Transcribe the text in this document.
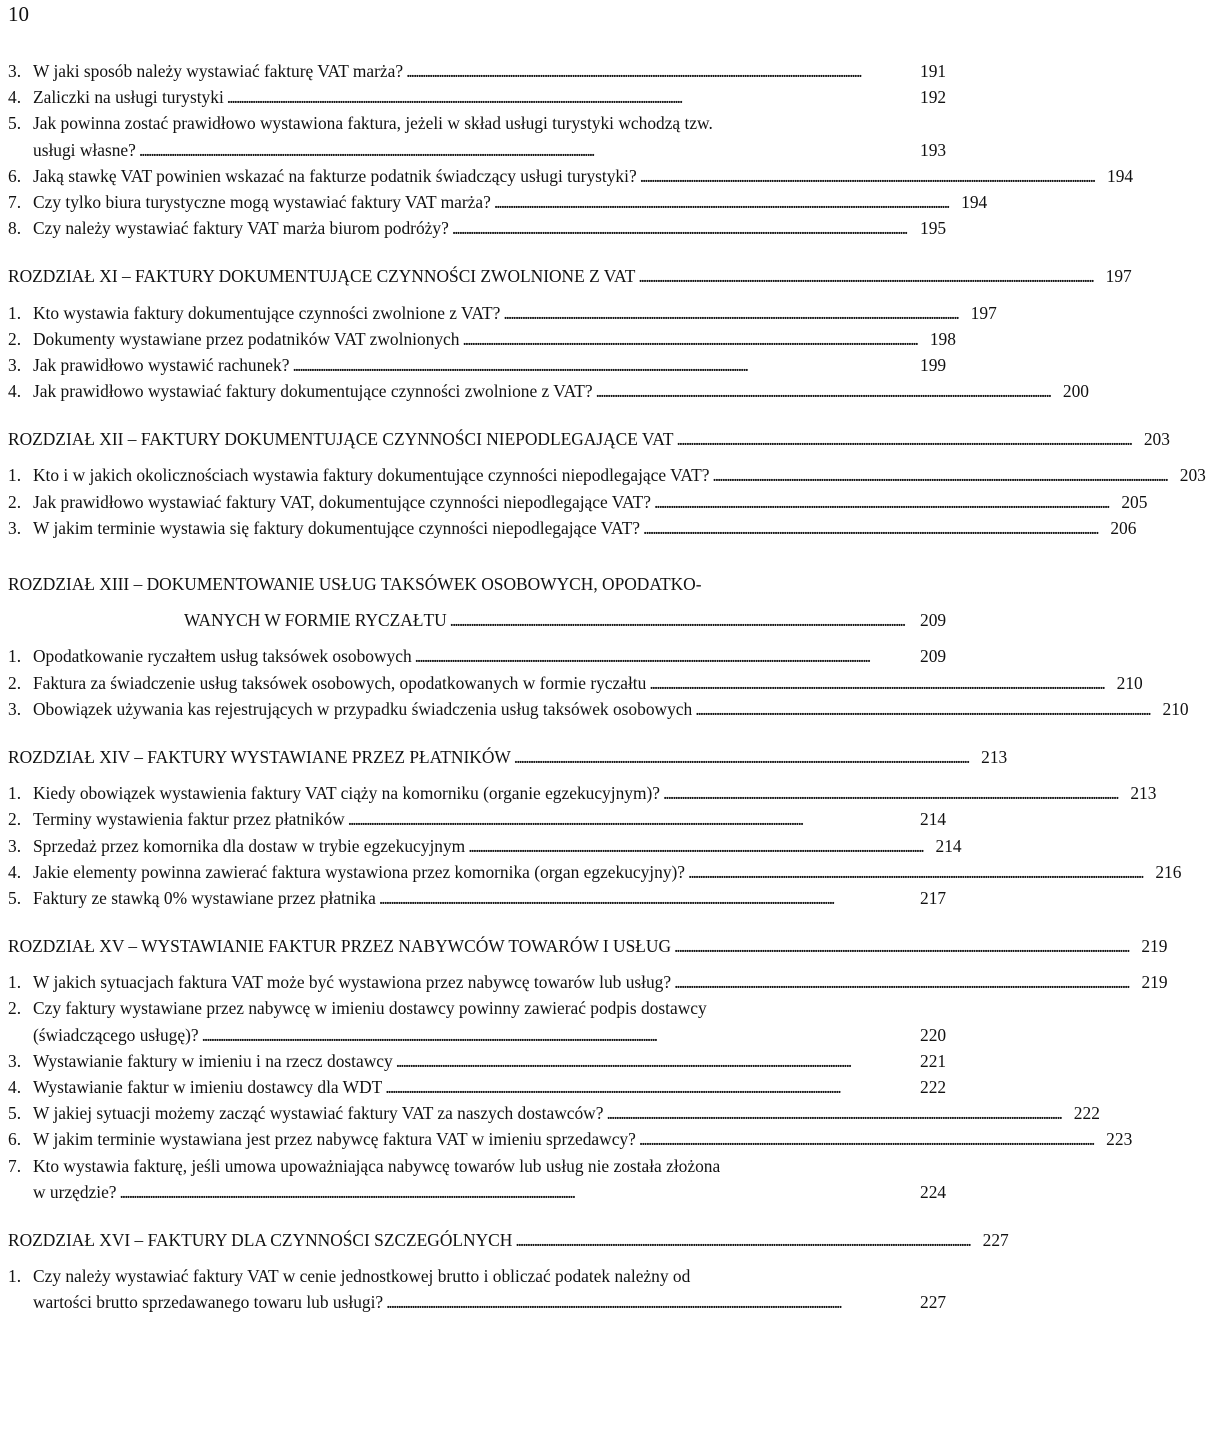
10
3. W jaki sposób należy wystawiać fakturę VAT marża? . . .	191
4. Zaliczki na usługi turystyki . . .	192
5. Jak powinna zostać prawidłowo wystawiona faktura, jeżeli w skład usługi turystyki wchodzą tzw.
usługi własne? . . .	193
6. Jaką stawkę VAT powinien wskazać na fakturze podatnik świadczący usługi turystyki? . . .	194
7. Czy tylko biura turystyczne mogą wystawiać faktury VAT marża? . . .	194
8. Czy należy wystawiać faktury VAT marża biurom podróży? . . .	195
ROZDZIAŁ XI – FAKTURY DOKUMENTUJĄCE CZYNNOŚCI ZWOLNIONE Z VAT . . .	197
1. Kto wystawia faktury dokumentujące czynności zwolnione z VAT? . . .	197
2. Dokumenty wystawiane przez podatników VAT zwolnionych . . .	198
3. Jak prawidłowo wystawić rachunek? . . .	199
4. Jak prawidłowo wystawiać faktury dokumentujące czynności zwolnione z VAT? . . .	200
ROZDZIAŁ XII – FAKTURY DOKUMENTUJĄCE CZYNNOŚCI NIEPODLEGAJĄCE VAT . . .	203
1. Kto i w jakich okolicznościach wystawia faktury dokumentujące czynności niepodlegające VAT? . . .	203
2. Jak prawidłowo wystawiać faktury VAT, dokumentujące czynności niepodlegające VAT? . . .	205
3. W jakim terminie wystawia się faktury dokumentujące czynności niepodlegające VAT? . . .	206
ROZDZIAŁ XIII – DOKUMENTOWANIE USŁUG TAKSÓWEK OSOBOWYCH, OPODATKO-
WANYCH W FORMIE RYCZAŁTU . . .	209
1. Opodatkowanie ryczałtem usług taksówek osobowych . . .	209
2. Faktura za świadczenie usług taksówek osobowych, opodatkowanych w formie ryczałtu . . .	210
3. Obowiązek używania kas rejestrujących w przypadku świadczenia usług taksówek osobowych . . .	210
ROZDZIAŁ XIV – FAKTURY WYSTAWIANE PRZEZ PŁATNIKÓW . . .	213
1. Kiedy obowiązek wystawienia faktury VAT ciąży na komorniku (organie egzekucyjnym)? . . .	213
2. Terminy wystawienia faktur przez płatników . . .	214
3. Sprzedaż przez komornika dla dostaw w trybie egzekucyjnym . . .	214
4. Jakie elementy powinna zawierać faktura wystawiona przez komornika (organ egzekucyjny)? . . .	216
5. Faktury ze stawką 0% wystawiane przez płatnika . . .	217
ROZDZIAŁ XV – WYSTAWIANIE FAKTUR PRZEZ NABYWCÓW TOWARÓW I USŁUG . . .	219
1. W jakich sytuacjach faktura VAT może być wystawiona przez nabywcę towarów lub usług? . . .	219
2. Czy faktury wystawiane przez nabywcę w imieniu dostawcy powinny zawierać podpis dostawcy
(świadczącego usługę)? . . .	220
3. Wystawianie faktury w imieniu i na rzecz dostawcy . . .	221
4. Wystawianie faktur w imieniu dostawcy dla WDT . . .	222
5. W jakiej sytuacji możemy zacząć wystawiać faktury VAT za naszych dostawców? . . .	222
6. W jakim terminie wystawiana jest przez nabywcę faktura VAT w imieniu sprzedawcy? . . .	223
7. Kto wystawia fakturę, jeśli umowa upoważniająca nabywcę towarów lub usług nie została złożona
w urzędzie? . . .	224
ROZDZIAŁ XVI – FAKTURY DLA CZYNNOŚCI SZCZEGÓLNYCH . . .	227
1. Czy należy wystawiać faktury VAT w cenie jednostkowej brutto i obliczać podatek należny od
wartości brutto sprzedawanego towaru lub usługi? . . .	227
